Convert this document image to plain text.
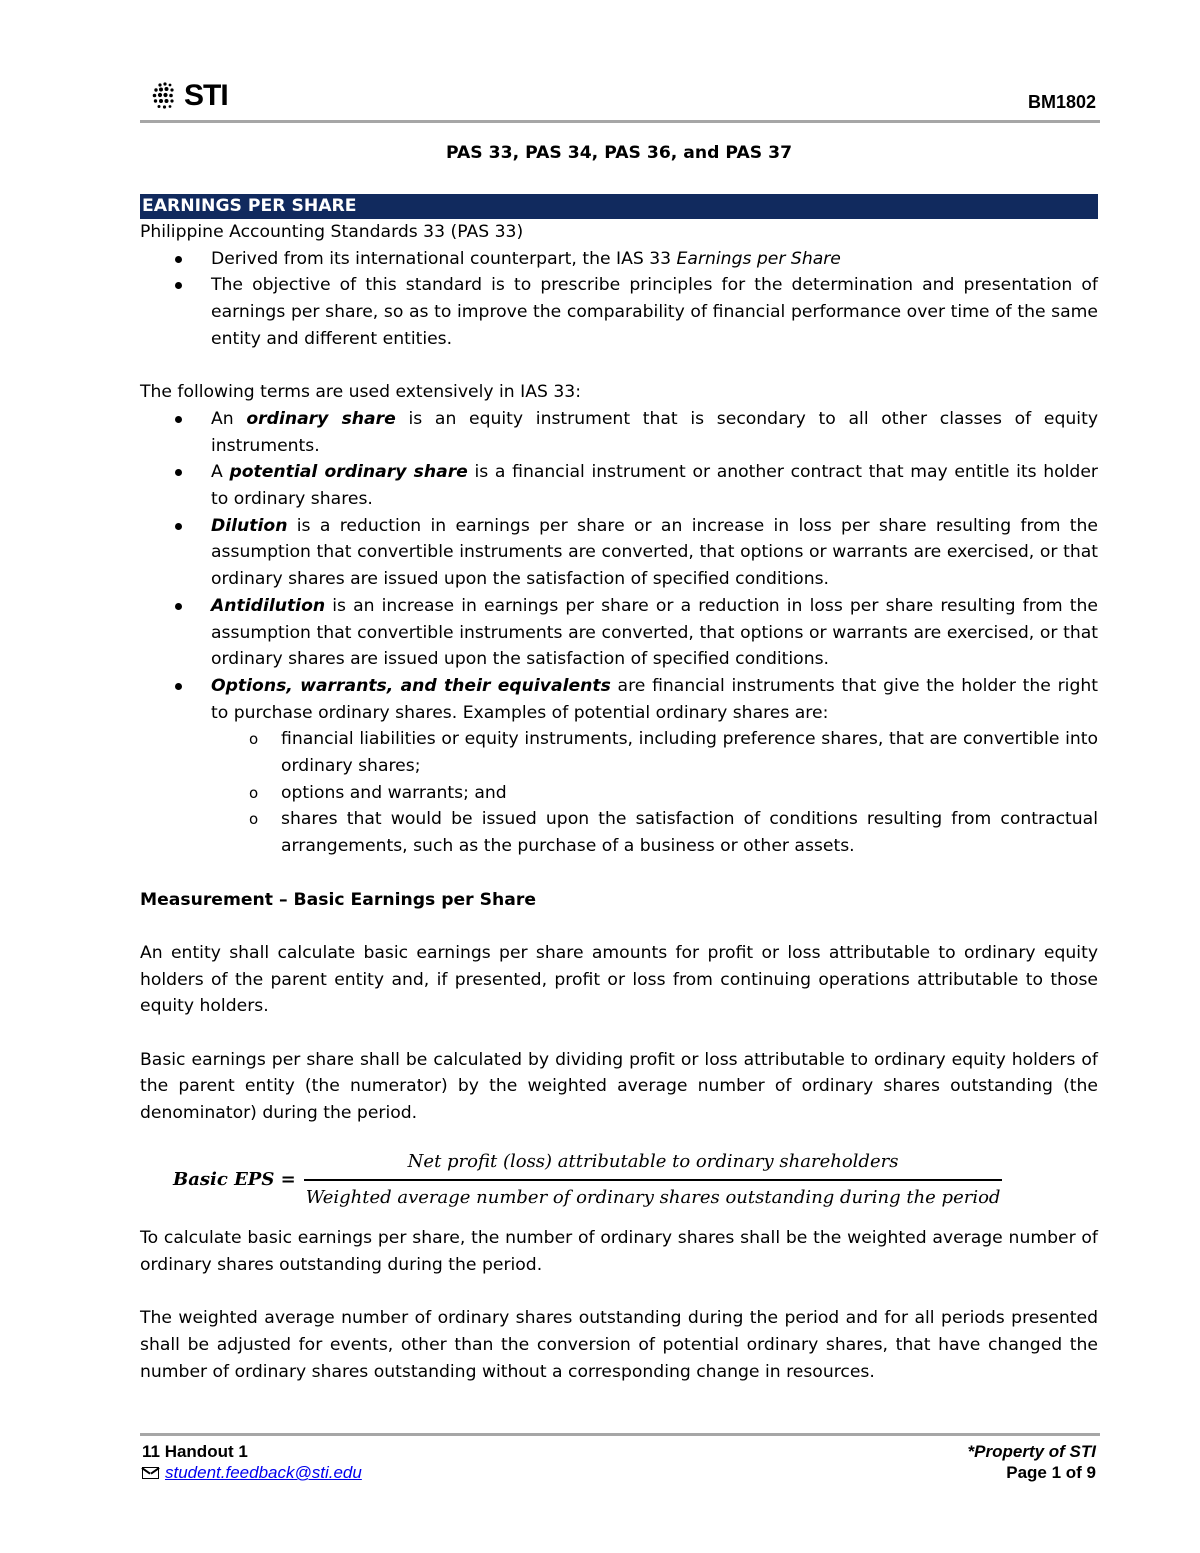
STI	BM1802

PAS 33, PAS 34, PAS 36, and PAS 37

EARNINGS PER SHARE

Philippine Accounting Standards 33 (PAS 33)

Derived from its international counterpart, the IAS 33 Earnings per Share
The objective of this standard is to prescribe principles for the determination and presentation of earnings per share, so as to improve the comparability of financial performance over time of the same entity and different entities.

The following terms are used extensively in IAS 33:

An ordinary share is an equity instrument that is secondary to all other classes of equity instruments.
A potential ordinary share is a financial instrument or another contract that may entitle its holder to ordinary shares.
Dilution is a reduction in earnings per share or an increase in loss per share resulting from the assumption that convertible instruments are converted, that options or warrants are exercised, or that ordinary shares are issued upon the satisfaction of specified conditions.
Antidilution is an increase in earnings per share or a reduction in loss per share resulting from the assumption that convertible instruments are converted, that options or warrants are exercised, or that ordinary shares are issued upon the satisfaction of specified conditions.
Options, warrants, and their equivalents are financial instruments that give the holder the right to purchase ordinary shares. Examples of potential ordinary shares are:
o financial liabilities or equity instruments, including preference shares, that are convertible into ordinary shares;
o options and warrants; and
o shares that would be issued upon the satisfaction of conditions resulting from contractual arrangements, such as the purchase of a business or other assets.

Measurement – Basic Earnings per Share

An entity shall calculate basic earnings per share amounts for profit or loss attributable to ordinary equity holders of the parent entity and, if presented, profit or loss from continuing operations attributable to those equity holders.

Basic earnings per share shall be calculated by dividing profit or loss attributable to ordinary equity holders of the parent entity (the numerator) by the weighted average number of ordinary shares outstanding (the denominator) during the period.

Basic EPS =
Net profit (loss) attributable to ordinary shareholders
Weighted average number of ordinary shares outstanding during the period

To calculate basic earnings per share, the number of ordinary shares shall be the weighted average number of ordinary shares outstanding during the period.

The weighted average number of ordinary shares outstanding during the period and for all periods presented shall be adjusted for events, other than the conversion of potential ordinary shares, that have changed the number of ordinary shares outstanding without a corresponding change in resources.

11 Handout 1
student.feedback@sti.edu
*Property of STI
Page 1 of 9
